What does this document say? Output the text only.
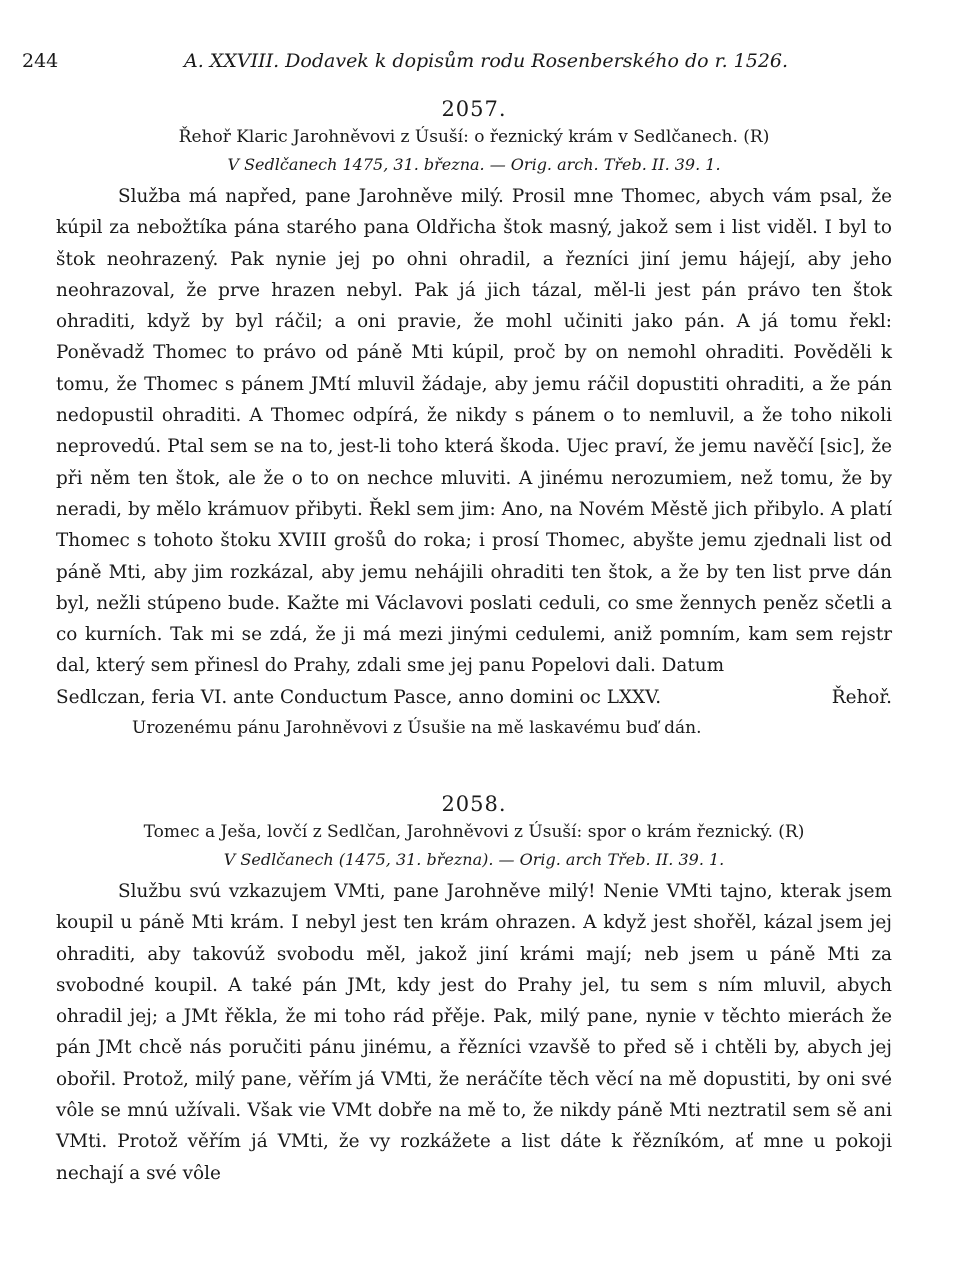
244	A. XXVIII. Dodavek k dopisům rodu Rosenberského do r. 1526.
2057.
Řehoř Klaric Jarohněvovi z Úsuší: o řeznický krám v Sedlčanech. (R)
V Sedlčanech 1475, 31. března. — Orig. arch. Třeb. II. 39. 1.

Služba má napřed, pane Jarohněve milý. Prosil mne Thomec, abych vám psal, že kúpil za nebožtíka pána starého pana Oldřicha štok masný, jakož sem i list viděl. I byl to štok neohrazený. Pak nynie jej po ohni ohradil, a řezníci jiní jemu hájejí, aby jeho neohrazoval, že prve hrazen nebyl. Pak já jich tázal, měl-li jest pán právo ten štok ohraditi, když by byl ráčil; a oni pravie, že mohl učiniti jako pán. A já tomu řekl: Poněvadž Thomec to právo od páně Mti kúpil, proč by on nemohl ohraditi. Pověděli k tomu, že Thomec s pánem JMtí mluvil žádaje, aby jemu ráčil dopustiti ohraditi, a že pán nedopustil ohraditi. A Thomec odpírá, že nikdy s pánem o to nemluvil, a že toho nikoli neprovedú. Ptal sem se na to, jest-li toho která škoda. Ujec praví, že jemu navěčí [sic], že při něm ten štok, ale že o to on nechce mluviti. A jinému nerozumiem, než tomu, že by neradi, by mělo krámuov přibyti. Řekl sem jim: Ano, na Novém Městě jich přibylo. A platí Thomec s tohoto štoku XVIII grošů do roka; i prosí Thomec, abyšte jemu zjednali list od páně Mti, aby jim rozkázal, aby jemu nehájili ohraditi ten štok, a že by ten list prve dán byl, nežli stúpeno bude. Kažte mi Václavovi poslati ceduli, co sme žennych peněz sčetli a co kurních. Tak mi se zdá, že ji má mezi jinými cedulemi, aniž pomním, kam sem rejstr dal, který sem přinesl do Prahy, zdali sme jej panu Popelovi dali. Datum

Sedlczan, feria VI. ante Conductum Pasce, anno domini oc LXXV.	Řehoř.
Urozenému pánu Jarohněvovi z Úsušie na mě laskavému buď dán.
2058.
Tomec a Ješa, lovčí z Sedlčan, Jarohněvovi z Úsuší: spor o krám řeznický. (R)
V Sedlčanech (1475, 31. března). — Orig. arch Třeb. II. 39. 1.

Službu svú vzkazujem VMti, pane Jarohněve milý! Nenie VMti tajno, kterak jsem koupil u páně Mti krám. I nebyl jest ten krám ohrazen. A když jest shořěl, kázal jsem jej ohraditi, aby takovúž svobodu měl, jakož jiní krámi mají; neb jsem u páně Mti za svobodné koupil. A také pán JMt, kdy jest do Prahy jel, tu sem s ním mluvil, abych ohradil jej; a JMt řěkla, že mi toho rád přěje. Pak, milý pane, nynie v těchto mierách že pán JMt chcě nás poručiti pánu jinému, a řězníci vzavšě to před sě i chtěli by, abych jej obořil. Protož, milý pane, věřím já VMti, že neráčíte těch věcí na mě dopustiti, by oni své vôle se mnú užívali. Však vie VMt dobře na mě to, že nikdy páně Mti neztratil sem sě ani VMti. Protož věřím já VMti, že vy rozkážete a list dáte k řězníkóm, ať mne u pokoji nechají a své vôle
